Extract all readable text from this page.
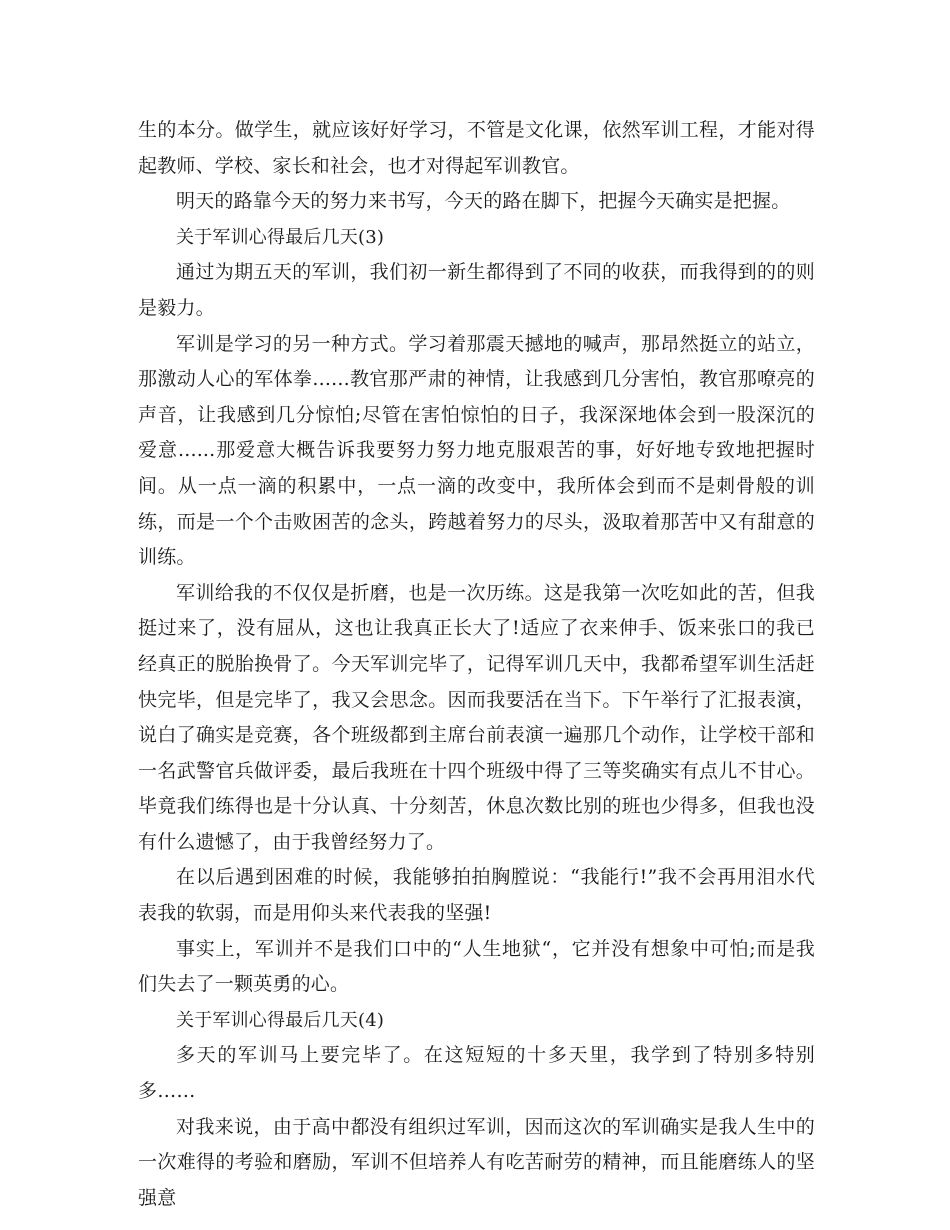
生的本分。做学生，就应该好好学习，不管是文化课，依然军训工程，才能对得起教师、学校、家长和社会，也才对得起军训教官。

明天的路靠今天的努力来书写，今天的路在脚下，把握今天确实是把握。

关于军训心得最后几天(3)

通过为期五天的军训，我们初一新生都得到了不同的收获，而我得到的的则是毅力。

军训是学习的另一种方式。学习着那震天撼地的喊声，那昂然挺立的站立，那激动人心的军体拳......教官那严肃的神情，让我感到几分害怕，教官那嘹亮的声音，让我感到几分惊怕;尽管在害怕惊怕的日子，我深深地体会到一股深沉的爱意......那爱意大概告诉我要努力努力地克服艰苦的事，好好地专致地把握时间。从一点一滴的积累中，一点一滴的改变中，我所体会到而不是刺骨般的训练，而是一个个击败困苦的念头，跨越着努力的尽头，汲取着那苦中又有甜意的训练。

军训给我的不仅仅是折磨，也是一次历练。这是我第一次吃如此的苦，但我挺过来了，没有屈从，这也让我真正长大了!适应了衣来伸手、饭来张口的我已经真正的脱胎换骨了。今天军训完毕了，记得军训几天中，我都希望军训生活赶快完毕，但是完毕了，我又会思念。因而我要活在当下。下午举行了汇报表演，说白了确实是竞赛，各个班级都到主席台前表演一遍那几个动作，让学校干部和一名武警官兵做评委，最后我班在十四个班级中得了三等奖确实有点儿不甘心。毕竟我们练得也是十分认真、十分刻苦，休息次数比别的班也少得多，但我也没有什么遗憾了，由于我曾经努力了。

在以后遇到困难的时候，我能够拍拍胸膛说：“我能行!”我不会再用泪水代表我的软弱，而是用仰头来代表我的坚强!

事实上，军训并不是我们口中的“人生地狱“，它并没有想象中可怕;而是我们失去了一颗英勇的心。

关于军训心得最后几天(4)

多天的军训马上要完毕了。在这短短的十多天里，我学到了特别多特别多……

对我来说，由于高中都没有组织过军训，因而这次的军训确实是我人生中的一次难得的考验和磨励，军训不但培养人有吃苦耐劳的精神，而且能磨练人的坚强意
